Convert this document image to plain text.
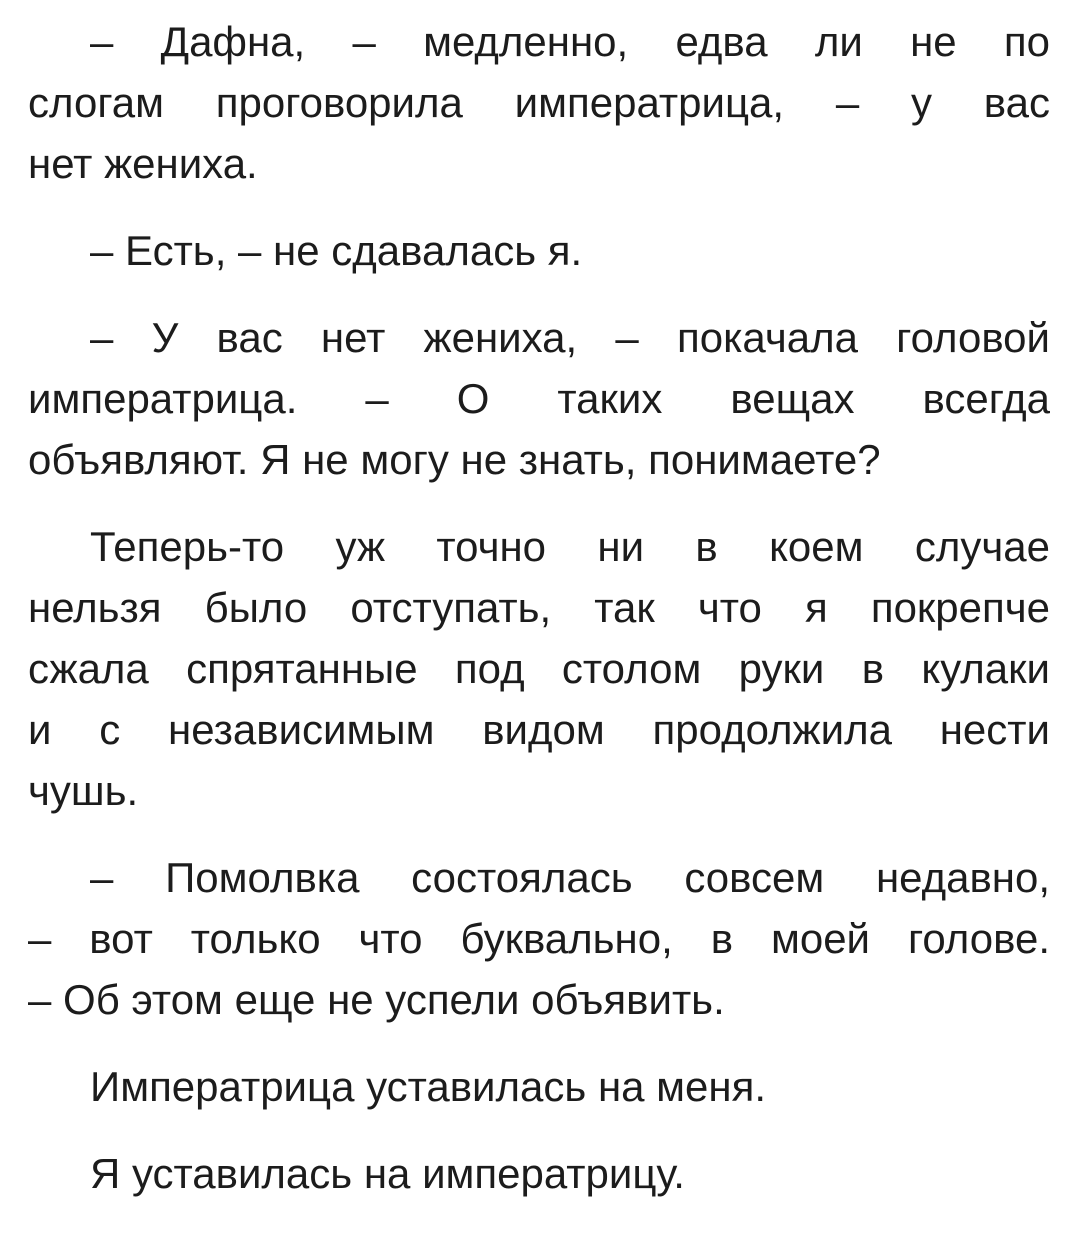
– Дафна, – медленно, едва ли не по
слогам проговорила императрица, – у вас
нет жениха.

– Есть, – не сдавалась я.

– У вас нет жениха, – покачала головой
императрица. – О таких вещах всегда
объявляют. Я не могу не знать, понимаете?

Теперь-то уж точно ни в коем случае
нельзя было отступать, так что я покрепче
сжала спрятанные под столом руки в кулаки
и с независимым видом продолжила нести
чушь.

– Помолвка состоялась совсем недавно,
– вот только что буквально, в моей голове.
– Об этом еще не успели объявить.

Императрица уставилась на меня.

Я уставилась на императрицу.
